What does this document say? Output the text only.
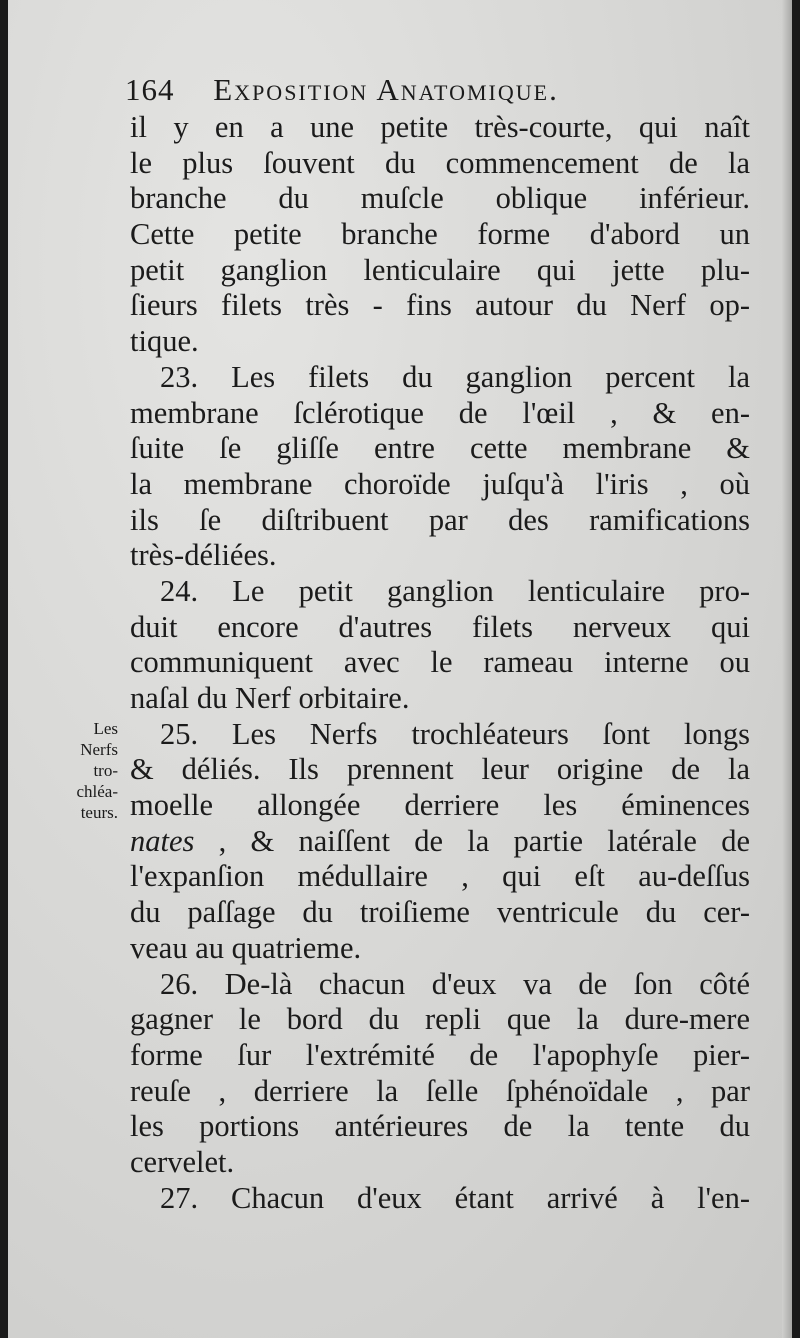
164 Exposition Anatomique.
Les
Nerfs
tro-
chléa-
teurs.
il y en a une petite très-courte, qui naît
le plus ſouvent du commencement de la
branche du muſcle oblique inférieur.
Cette petite branche forme d'abord un
petit ganglion lenticulaire qui jette plu-
ſieurs filets très - fins autour du Nerf op-
tique.
23. Les filets du ganglion percent la
membrane ſclérotique de l'œil , & en-
ſuite ſe gliſſe entre cette membrane &
la membrane choroïde juſqu'à l'iris , où
ils ſe diſtribuent par des ramifications
très-déliées.
24. Le petit ganglion lenticulaire pro-
duit encore d'autres filets nerveux qui
communiquent avec le rameau interne ou
naſal du Nerf orbitaire.
25. Les Nerfs trochléateurs ſont longs
& déliés. Ils prennent leur origine de la
moelle allongée derriere les éminences
nates , & naiſſent de la partie latérale de
l'expanſion médullaire , qui eſt au-deſſus
du paſſage du troiſieme ventricule du cer-
veau au quatrieme.
26. De-là chacun d'eux va de ſon côté
gagner le bord du repli que la dure-mere
forme ſur l'extrémité de l'apophyſe pier-
reuſe , derriere la ſelle ſphénoïdale , par
les portions antérieures de la tente du
cervelet.
27. Chacun d'eux étant arrivé à l'en-
